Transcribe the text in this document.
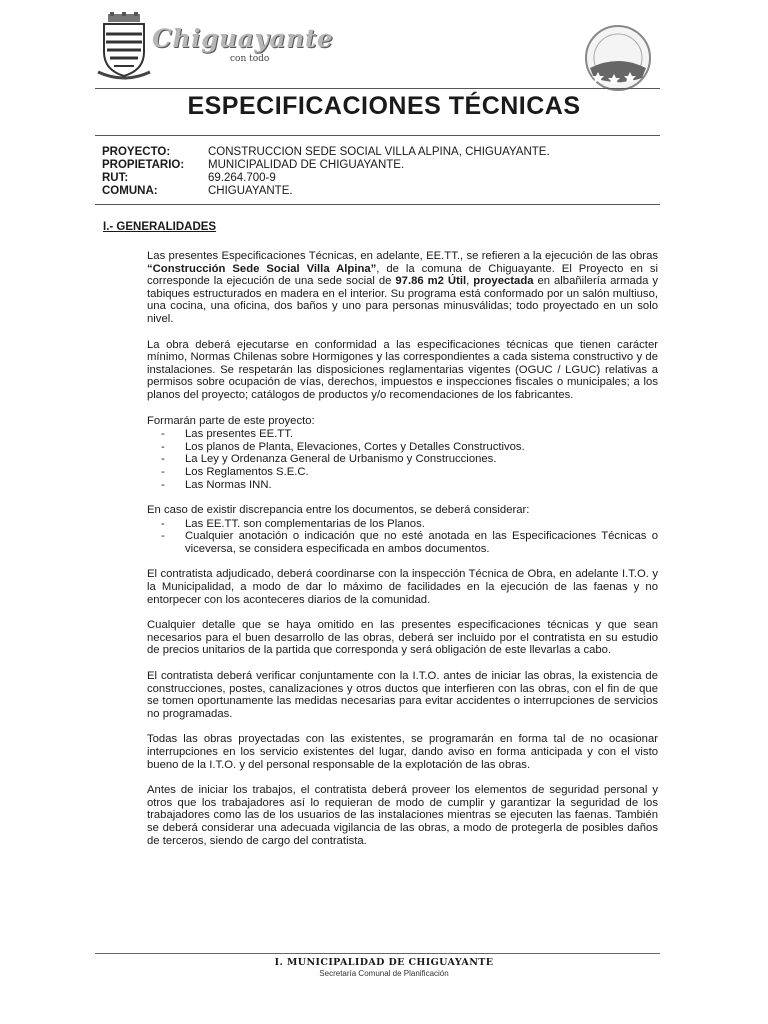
Chiguayante
con todo
ESPECIFICACIONES TÉCNICAS
PROYECTO:	CONSTRUCCION SEDE SOCIAL VILLA ALPINA, CHIGUAYANTE.
PROPIETARIO:	MUNICIPALIDAD DE CHIGUAYANTE.
RUT:	69.264.700-9
COMUNA:	CHIGUAYANTE.
I.- GENERALIDADES

Las presentes Especificaciones Técnicas, en adelante, EE.TT., se refieren a la ejecución de las obras “Construcción Sede Social Villa Alpina”, de la comuna de Chiguayante. El Proyecto en si corresponde la ejecución de una sede social de 97.86 m2 Útil, proyectada en albañilería armada y tabiques estructurados en madera en el interior. Su programa está conformado por un salón multiuso, una cocina, una oficina, dos baños y uno para personas minusválidas; todo proyectado en un solo nivel.

La obra deberá ejecutarse en conformidad a las especificaciones técnicas que tienen carácter mínimo, Normas Chilenas sobre Hormigones y las correspondientes a cada sistema constructivo y de instalaciones. Se respetarán las disposiciones reglamentarias vigentes (OGUC / LGUC) relativas a permisos sobre ocupación de vías, derechos, impuestos e inspecciones fiscales o municipales; a los planos del proyecto; catálogos de productos y/o recomendaciones de los fabricantes.

Formarán parte de este proyecto:

- Las presentes EE.TT.
- Los planos de Planta, Elevaciones, Cortes y Detalles Constructivos.
- La Ley y Ordenanza General de Urbanismo y Construcciones.
- Los Reglamentos S.E.C.
- Las Normas INN.

En caso de existir discrepancia entre los documentos, se deberá considerar:

- Las EE.TT. son complementarias de los Planos.
- Cualquier anotación o indicación que no esté anotada en las Especificaciones Técnicas o viceversa, se considera especificada en ambos documentos.

El contratista adjudicado, deberá coordinarse con la inspección Técnica de Obra, en adelante I.T.O. y la Municipalidad, a modo de dar lo máximo de facilidades en la ejecución de las faenas y no entorpecer con los aconteceres diarios de la comunidad.

Cualquier detalle que se haya omitido en las presentes especificaciones técnicas y que sean necesarios para el buen desarrollo de las obras, deberá ser incluido por el contratista en su estudio de precios unitarios de la partida que corresponda y será obligación de este llevarlas a cabo.

El contratista deberá verificar conjuntamente con la I.T.O. antes de iniciar las obras, la existencia de construcciones, postes, canalizaciones y otros ductos que interfieren con las obras, con el fin de que se tomen oportunamente las medidas necesarias para evitar accidentes o interrupciones de servicios no programadas.

Todas las obras proyectadas con las existentes, se programarán en forma tal de no ocasionar interrupciones en los servicio existentes del lugar, dando aviso en forma anticipada y con el visto bueno de la I.T.O. y del personal responsable de la explotación de las obras.

Antes de iniciar los trabajos, el contratista deberá proveer los elementos de seguridad personal y otros que los trabajadores así lo requieran de modo de cumplir y garantizar la seguridad de los trabajadores como las de los usuarios de las instalaciones mientras se ejecuten las faenas. También se deberá considerar una adecuada vigilancia de las obras, a modo de protegerla de posibles daños de terceros, siendo de cargo del contratista.

I. MUNICIPALIDAD DE CHIGUAYANTE
Secretaría Comunal de Planificación
